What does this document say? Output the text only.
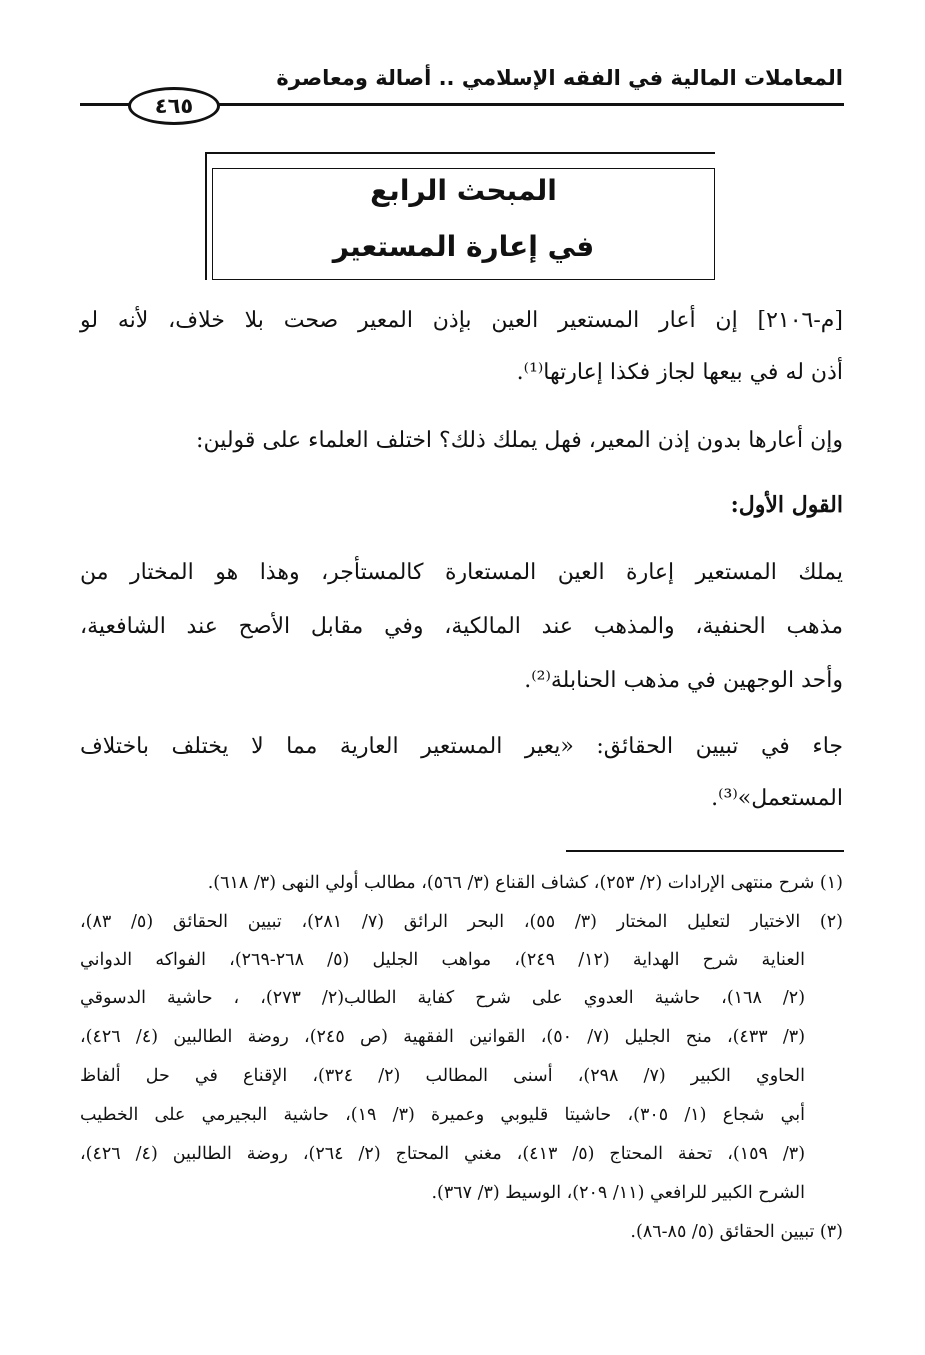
المعاملات المالية في الفقه الإسلامي .. أصالة ومعاصرة
٤٦٥
المبحث الرابع
في إعارة المستعير
[م-٢١٠٦] إن أعار المستعير العين بإذن المعير صحت بلا خلاف، لأنه لو
أذن له في بيعها لجاز فكذا إعارتها⁽¹⁾.
وإن أعارها بدون إذن المعير، فهل يملك ذلك؟ اختلف العلماء على قولين:
القول الأول:
يملك المستعير إعارة العين المستعارة كالمستأجر، وهذا هو المختار من
مذهب الحنفية، والمذهب عند المالكية، وفي مقابل الأصح عند الشافعية،
وأحد الوجهين في مذهب الحنابلة⁽²⁾.
جاء في تبيين الحقائق: «يعير المستعير العارية مما لا يختلف باختلاف
المستعمل»⁽³⁾.
(١) شرح منتهى الإرادات (٢/ ٢٥٣)، كشاف القناع (٣/ ٥٦٦)، مطالب أولي النهى (٣/ ٦١٨).
(٢) الاختيار لتعليل المختار (٣/ ٥٥)، البحر الرائق (٧/ ٢٨١)، تبيين الحقائق (٥/ ٨٣)،
العناية شرح الهداية (١٢/ ٢٤٩)، مواهب الجليل (٥/ ٢٦٨-٢٦٩)، الفواكه الدواني
(٢/ ١٦٨)، حاشية العدوي على شرح كفاية الطالب(٢/ ٢٧٣)، ، حاشية الدسوقي
(٣/ ٤٣٣)، منح الجليل (٧/ ٥٠)، القوانين الفقهية (ص ٢٤٥)، روضة الطالبين (٤/ ٤٢٦)،
الحاوي الكبير (٧/ ٢٩٨)، أسنى المطالب (٢/ ٣٢٤)، الإقناع في حل ألفاظ
أبي شجاع (١/ ٣٠٥)، حاشيتا قليوبي وعميرة (٣/ ١٩)، حاشية البجيرمي على الخطيب
(٣/ ١٥٩)، تحفة المحتاج (٥/ ٤١٣)، مغني المحتاج (٢/ ٢٦٤)، روضة الطالبين (٤/ ٤٢٦)،
الشرح الكبير للرافعي (١١/ ٢٠٩)، الوسيط (٣/ ٣٦٧).
(٣) تبيين الحقائق (٥/ ٨٥-٨٦).
